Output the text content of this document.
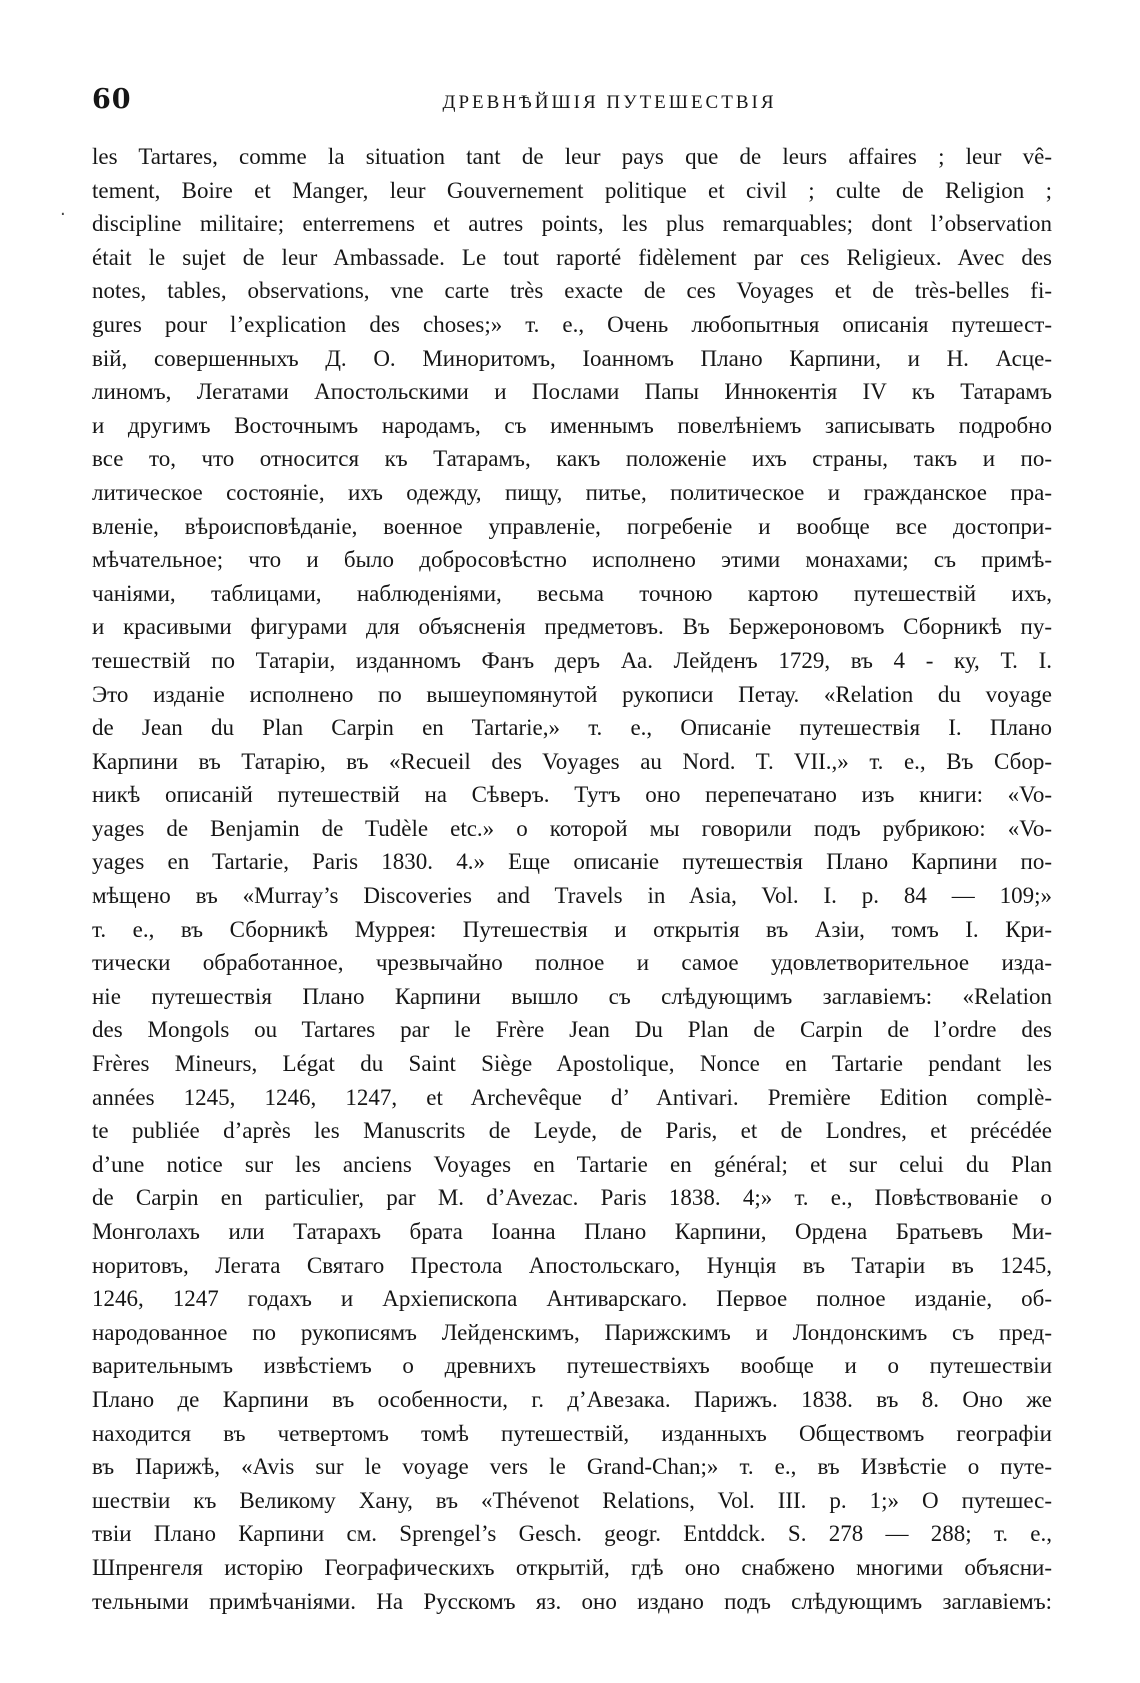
60	ДРЕВНѢЙШІЯ ПУТЕШЕСТВІЯ
·
les Tartares, comme la situation tant de leur pays que de leurs affaires ; leur vê-
tement, Boire et Manger, leur Gouvernement politique et civil ; culte de Religion ;
discipline militaire; enterremens et autres points, les plus remarquables; dont l’observation
était le sujet de leur Ambassade. Le tout raporté fidèlement par ces Religieux. Avec des
notes, tables, observations, vne carte très exacte de ces Voyages et de très-belles fi-
gures pour l’explication des choses;» т. е., Очень любопытныя описанія путешест-
вій, совершенныхъ Д. О. Миноритомъ, Іоанномъ Плано Карпини, и Н. Асце-
линомъ, Легатами Апостольскими и Послами Папы Иннокентія IV къ Татарамъ
и другимъ Восточнымъ народамъ, съ именнымъ повелѣніемъ записывать подробно
все то, что относится къ Татарамъ, какъ положеніе ихъ страны, такъ и по-
литическое состояніе, ихъ одежду, пищу, питье, политическое и гражданское пра-
вленіе, вѣроисповѣданіе, военное управленіе, погребеніе и вообще все достопри-
мѣчательное; что и было добросовѣстно исполнено этими монахами; съ примѣ-
чаніями, таблицами, наблюденіями, весьма точною картою путешествій ихъ,
и красивыми фигурами для объясненія предметовъ. Въ Бержероновомъ Сборникѣ пу-
тешествій по Татаріи, изданномъ Фанъ деръ Аа. Лейденъ 1729, въ 4 - ку, Т. I.
Это изданіе исполнено по вышеупомянутой рукописи Петау. «Relation du voyage
de Jean du Plan Carpin en Tartarie,» т. е., Описаніе путешествія I. Плано
Карпини въ Татарію, въ «Recueil des Voyages au Nord. T. VII.,» т. е., Въ Сбор-
никѣ описаній путешествій на Сѣверъ. Тутъ оно перепечатано изъ книги: «Vo-
yages de Benjamin de Tudèle etc.» о которой мы говорили подъ рубрикою: «Vo-
yages en Tartarie, Paris 1830. 4.» Еще описаніе путешествія Плано Карпини по-
мѣщено въ «Murray’s Discoveries and Travels in Asia, Vol. I. p. 84 — 109;»
т. е., въ Сборникѣ Муррея: Путешествія и открытія въ Азіи, томъ I. Кри-
тически обработанное, чрезвычайно полное и самое удовлетворительное изда-
ніе путешествія Плано Карпини вышло съ слѣдующимъ заглавіемъ: «Relation
des Mongols ou Tartares par le Frère Jean Du Plan de Carpin de l’ordre des
Frères Mineurs, Légat du Saint Siège Apostolique, Nonce en Tartarie pendant les
années 1245, 1246, 1247, et Archevêque d’ Antivari. Première Edition complè-
te publiée d’après les Manuscrits de Leyde, de Paris, et de Londres, et précédée
d’une notice sur les anciens Voyages en Tartarie en général; et sur celui du Plan
de Carpin en particulier, par M. d’Avezac. Paris 1838. 4;» т. е., Повѣствованіе о
Монголахъ или Татарахъ брата Іоанна Плано Карпини, Ордена Братьевъ Ми-
норитовъ, Легата Святаго Престола Апостольскаго, Нунція въ Татаріи въ 1245,
1246, 1247 годахъ и Архіепископа Антиварскаго. Первое полное изданіе, об-
народованное по рукописямъ Лейденскимъ, Парижскимъ и Лондонскимъ съ пред-
варительнымъ извѣстіемъ о древнихъ путешествіяхъ вообще и о путешествіи
Плано де Карпини въ особенности, г. д’Авезака. Парижъ. 1838. въ 8. Оно же
находится въ четвертомъ томѣ путешествій, изданныхъ Обществомъ географіи
въ Парижѣ, «Avis sur le voyage vers le Grand-Chan;» т. е., въ Извѣстіе о путе-
шествіи къ Великому Хану, въ «Thévenot Relations, Vol. III. p. 1;» О путешес-
твіи Плано Карпини см. Sprengel’s Gesch. geogr. Entddck. S. 278 — 288; т. е.,
Шпренгеля исторію Географическихъ открытій, гдѣ оно снабжено многими объясни-
тельными примѣчаніями. На Русскомъ яз. оно издано подъ слѣдующимъ заглавіемъ:
